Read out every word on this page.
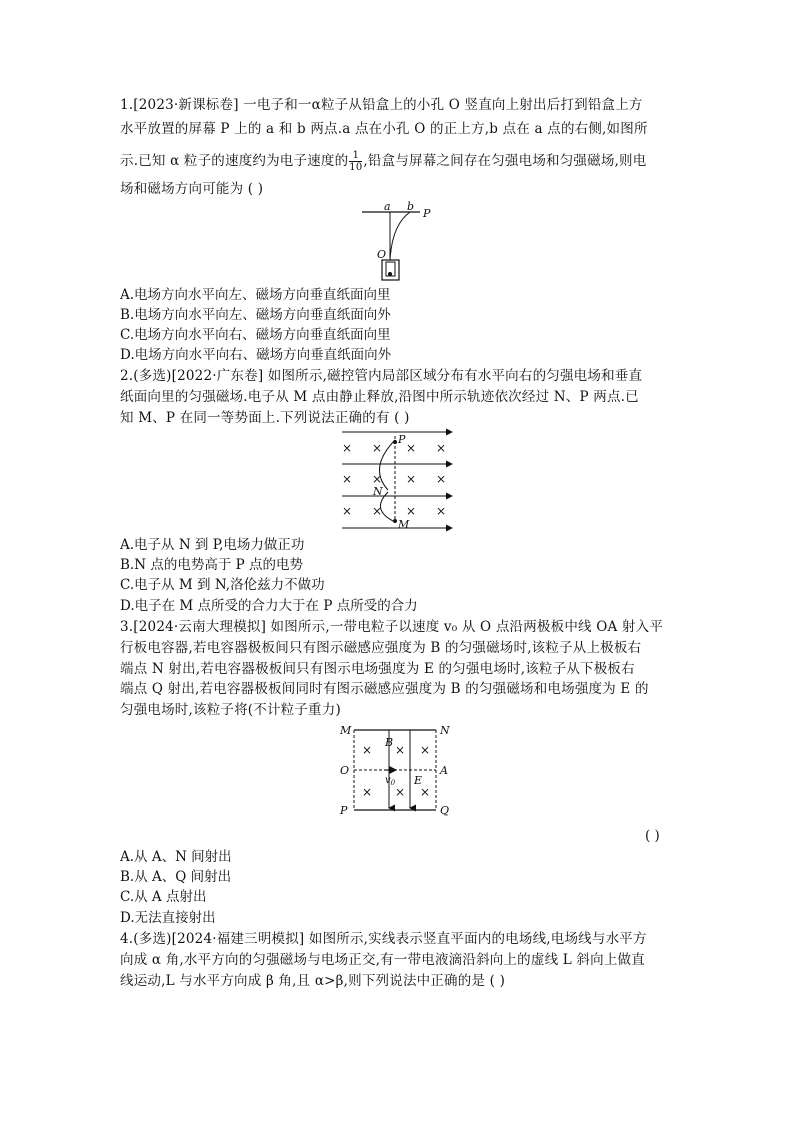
1.[2023·新课标卷] 一电子和一α粒子从铅盒上的小孔 O 竖直向上射出后打到铅盒上方
水平放置的屏幕 P 上的 a 和 b 两点.a 点在小孔 O 的正上方,b 点在 a 点的右侧,如图所
示.已知 α 粒子的速度约为电子速度的 $\frac{1}{10}$ ,铅盒与屏幕之间存在匀强电场和匀强磁场,则电
场和磁场方向可能为 ( )
a b
P
O
A.电场方向水平向左、磁场方向垂直纸面向里
B.电场方向水平向左、磁场方向垂直纸面向外
C.电场方向水平向右、磁场方向垂直纸面向里
D.电场方向水平向右、磁场方向垂直纸面向外
2.(多选)[2022·广东卷] 如图所示,磁控管内局部区域分布有水平向右的匀强电场和垂直
纸面向里的匀强磁场.电子从 M 点由静止释放,沿图中所示轨迹依次经过 N、P 两点.已
知 M、P 在同一等势面上.下列说法正确的有 ( )
P
N
M
× × × ×
× × × ×
× × × ×
A.电子从 N 到 P,电场力做正功
B.N 点的电势高于 P 点的电势
C.电子从 M 到 N,洛伦兹力不做功
D.电子在 M 点所受的合力大于在 P 点所受的合力
3.[2024·云南大理模拟] 如图所示,一带电粒子以速度 v₀ 从 O 点沿两极板中线 OA 射入平
行板电容器,若电容器极板间只有图示磁感应强度为 B 的匀强磁场时,该粒子从上极板右
端点 N 射出,若电容器极板间只有图示电场强度为 E 的匀强电场时,该粒子从下极板右
端点 Q 射出,若电容器极板间同时有图示磁感应强度为 B 的匀强磁场和电场强度为 E 的
匀强电场时,该粒子将(不计粒子重力)
M	N
O	A
P	Q
B
E
$v_0$
× × ×
× × ×
( )
A.从 A、N 间射出
B.从 A、Q 间射出
C.从 A 点射出
D.无法直接射出
4.(多选)[2024·福建三明模拟] 如图所示,实线表示竖直平面内的电场线,电场线与水平方
向成 α 角,水平方向的匀强磁场与电场正交,有一带电液滴沿斜向上的虚线 L 斜向上做直
线运动,L 与水平方向成 β 角,且 α>β,则下列说法中正确的是 ( )
